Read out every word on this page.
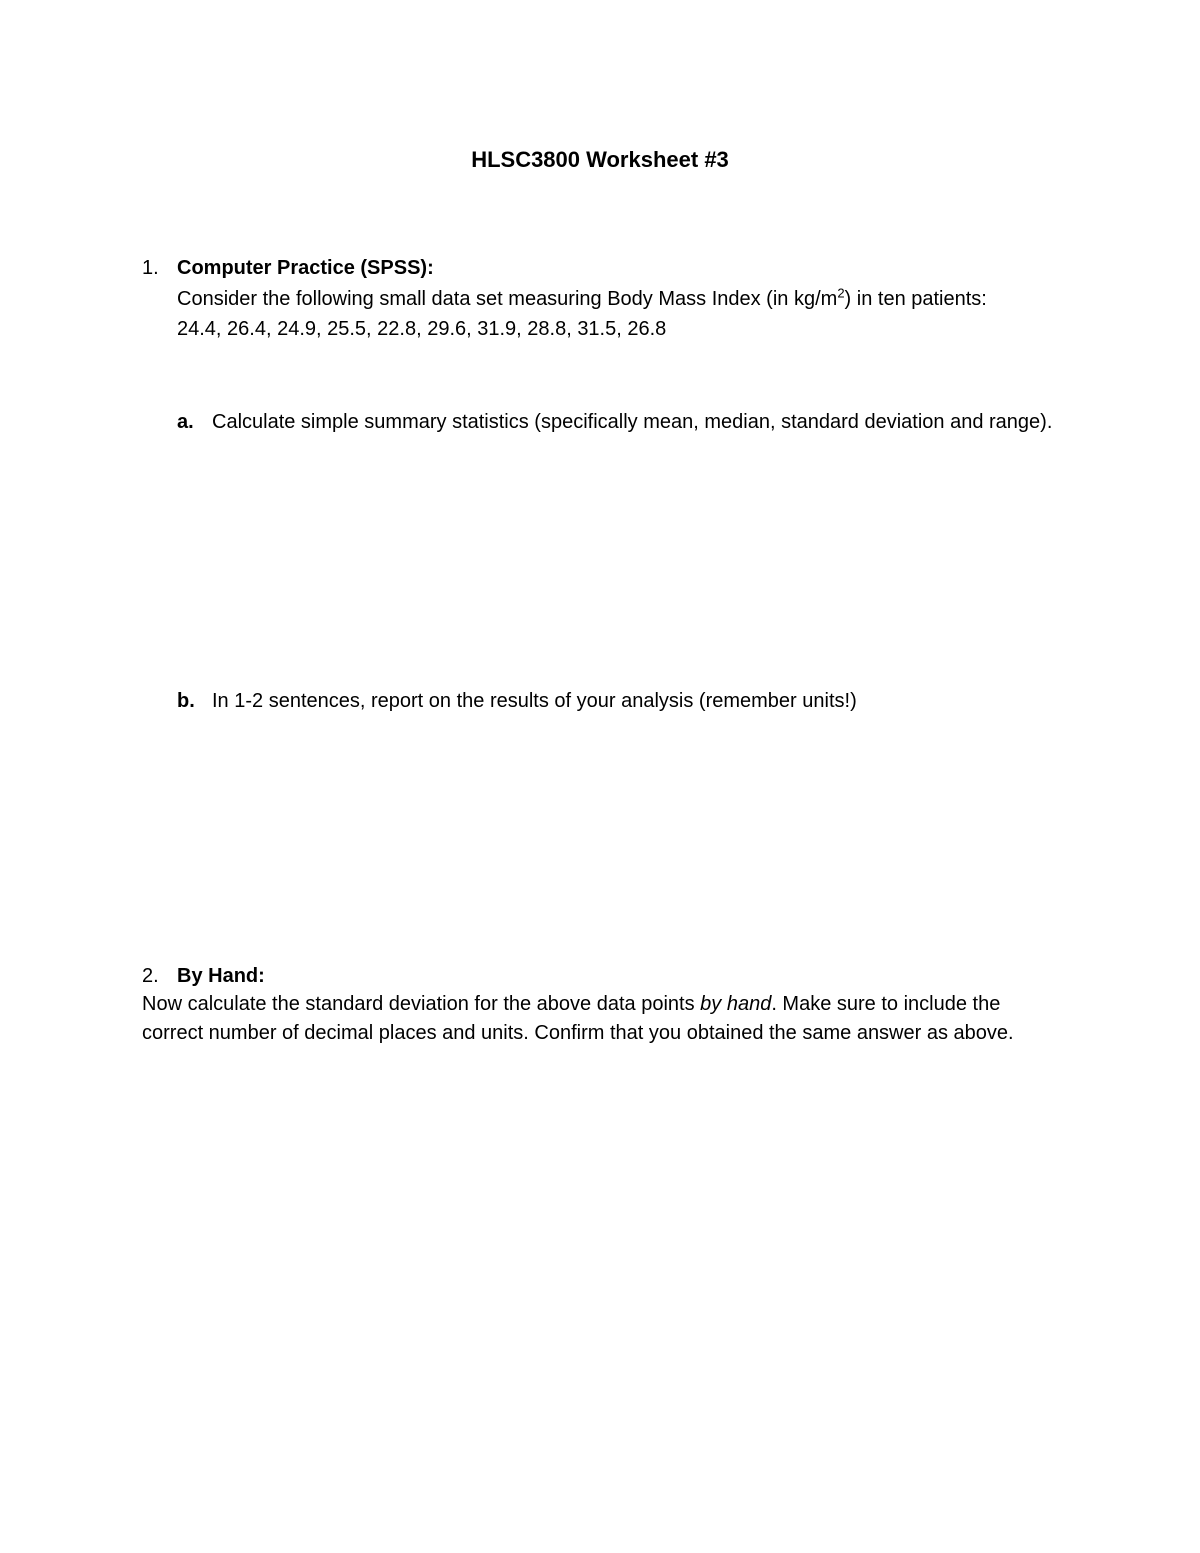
HLSC3800 Worksheet #3
1. Computer Practice (SPSS):
Consider the following small data set measuring Body Mass Index (in $kg/m^2$) in ten patients:
24.4, 26.4, 24.9, 25.5, 22.8, 29.6, 31.9, 28.8, 31.5, 26.8
a. Calculate simple summary statistics (specifically mean, median, standard deviation and range).
b. In 1-2 sentences, report on the results of your analysis (remember units!)
2. By Hand:
Now calculate the standard deviation for the above data points by hand. Make sure to include the correct number of decimal places and units. Confirm that you obtained the same answer as above.
